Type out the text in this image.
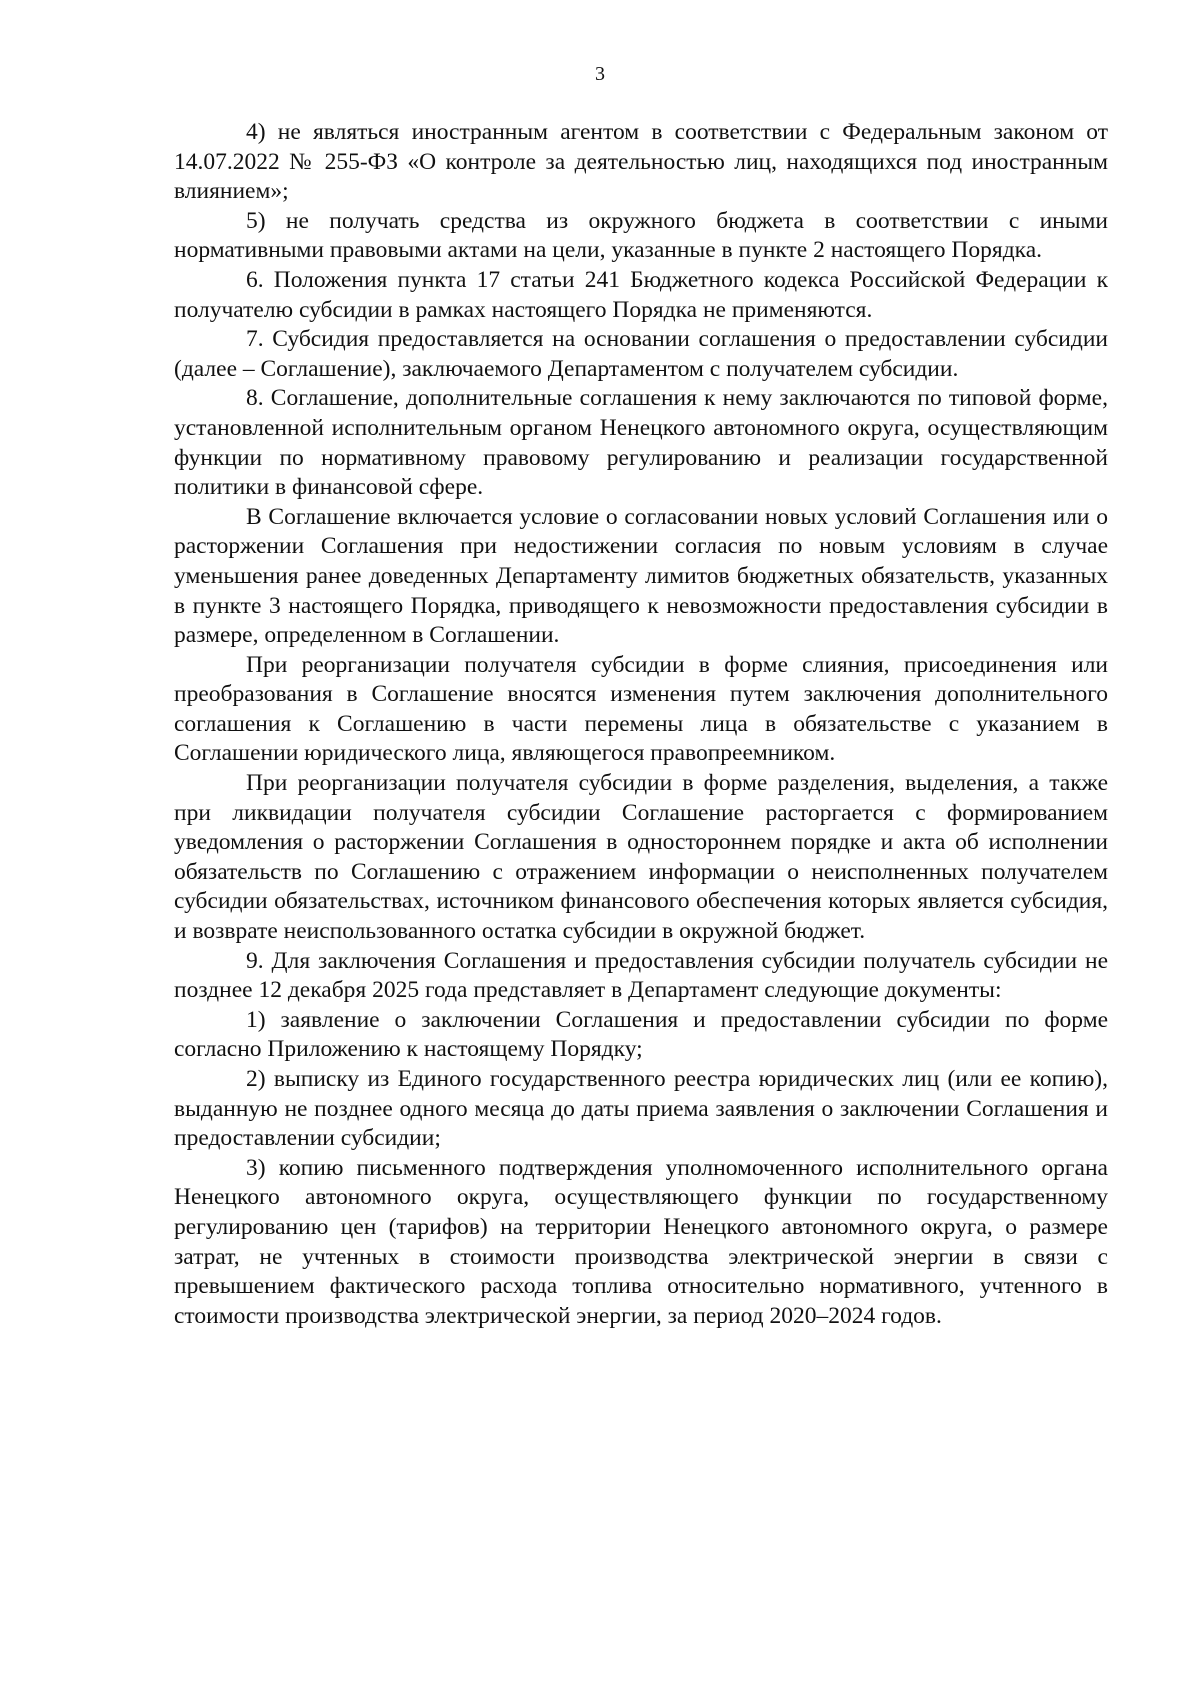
3

4) не являться иностранным агентом в соответствии с Федеральным законом от 14.07.2022 № 255-ФЗ «О контроле за деятельностью лиц, находящихся под иностранным влиянием»;

5) не получать средства из окружного бюджета в соответствии с иными нормативными правовыми актами на цели, указанные в пункте 2 настоящего Порядка.

6. Положения пункта 17 статьи 241 Бюджетного кодекса Российской Федерации к получателю субсидии в рамках настоящего Порядка не применяются.

7. Субсидия предоставляется на основании соглашения о предоставлении субсидии (далее – Соглашение), заключаемого Департаментом с получателем субсидии.

8. Соглашение, дополнительные соглашения к нему заключаются по типовой форме, установленной исполнительным органом Ненецкого автономного округа, осуществляющим функции по нормативному правовому регулированию и реализации государственной политики в финансовой сфере.

В Соглашение включается условие о согласовании новых условий Соглашения или о расторжении Соглашения при недостижении согласия по новым условиям в случае уменьшения ранее доведенных Департаменту лимитов бюджетных обязательств, указанных в пункте 3 настоящего Порядка, приводящего к невозможности предоставления субсидии в размере, определенном в Соглашении.

При реорганизации получателя субсидии в форме слияния, присоединения или преобразования в Соглашение вносятся изменения путем заключения дополнительного соглашения к Соглашению в части перемены лица в обязательстве с указанием в Соглашении юридического лица, являющегося правопреемником.

При реорганизации получателя субсидии в форме разделения, выделения, а также при ликвидации получателя субсидии Соглашение расторгается с формированием уведомления о расторжении Соглашения в одностороннем порядке и акта об исполнении обязательств по Соглашению с отражением информации о неисполненных получателем субсидии обязательствах, источником финансового обеспечения которых является субсидия, и возврате неиспользованного остатка субсидии в окружной бюджет.

9. Для заключения Соглашения и предоставления субсидии получатель субсидии не позднее 12 декабря 2025 года представляет в Департамент следующие документы:

1) заявление о заключении Соглашения и предоставлении субсидии по форме согласно Приложению к настоящему Порядку;

2) выписку из Единого государственного реестра юридических лиц (или ее копию), выданную не позднее одного месяца до даты приема заявления о заключении Соглашения и предоставлении субсидии;

3) копию письменного подтверждения уполномоченного исполнительного органа Ненецкого автономного округа, осуществляющего функции по государственному регулированию цен (тарифов) на территории Ненецкого автономного округа, о размере затрат, не учтенных в стоимости производства электрической энергии в связи с превышением фактического расхода топлива относительно нормативного, учтенного в стоимости производства электрической энергии, за период 2020–2024 годов.
